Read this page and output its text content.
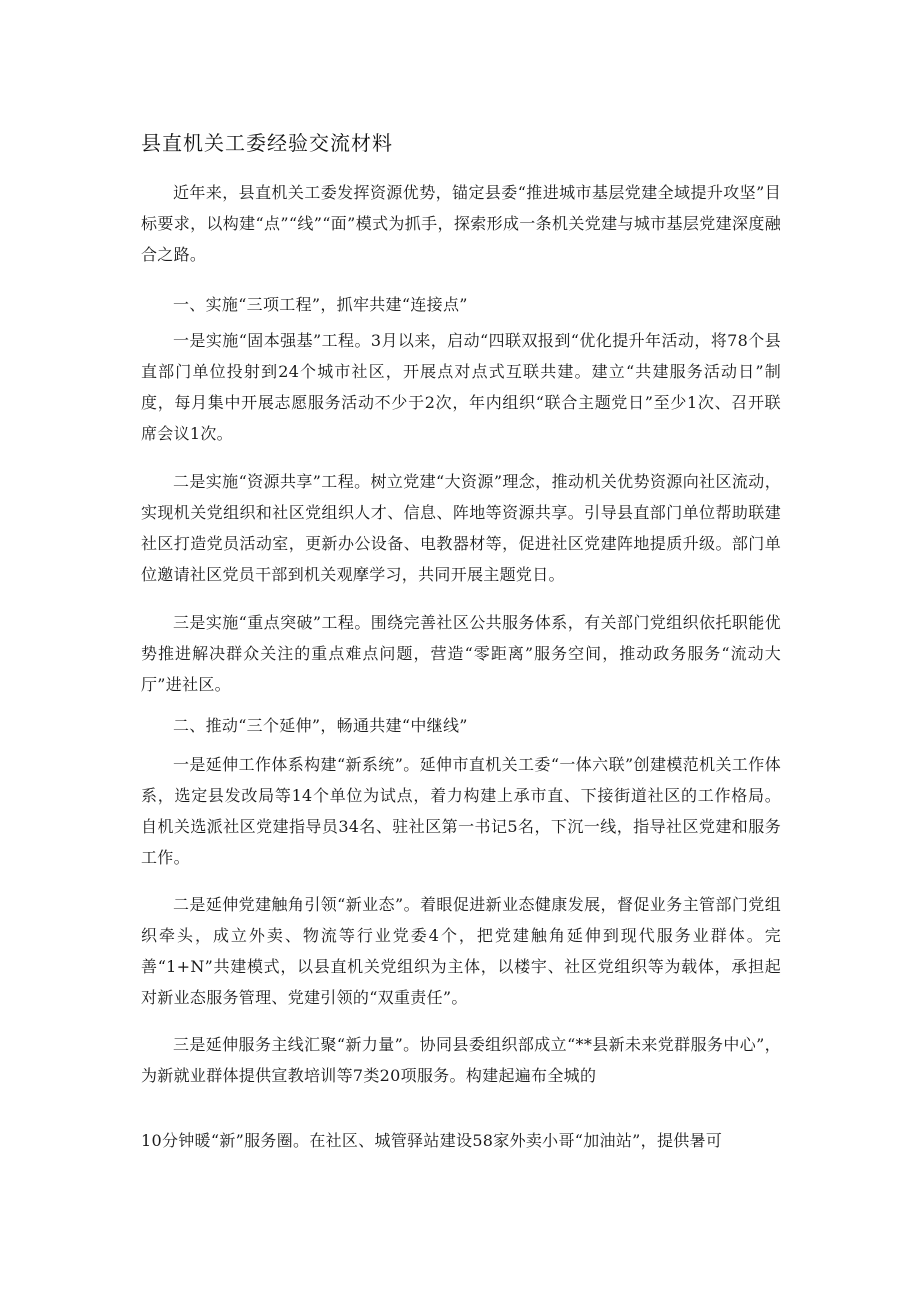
县直机关工委经验交流材料
近年来，县直机关工委发挥资源优势，锚定县委“推进城市基层党建全域提升攻坚”目标要求，以构建“点”“线”“面”模式为抓手，探索形成一条机关党建与城市基层党建深度融合之路。
一、实施“三项工程”，抓牢共建“连接点”
一是实施“固本强基”工程。3月以来，启动“四联双报到“优化提升年活动，将78个县直部门单位投射到24个城市社区，开展点对点式互联共建。建立“共建服务活动日”制度，每月集中开展志愿服务活动不少于2次，年内组织“联合主题党日”至少1次、召开联席会议1次。
二是实施“资源共享”工程。树立党建“大资源”理念，推动机关优势资源向社区流动，实现机关党组织和社区党组织人才、信息、阵地等资源共享。引导县直部门单位帮助联建社区打造党员活动室，更新办公设备、电教器材等，促进社区党建阵地提质升级。部门单位邀请社区党员干部到机关观摩学习，共同开展主题党日。
三是实施“重点突破”工程。围绕完善社区公共服务体系，有关部门党组织依托职能优势推进解决群众关注的重点难点问题，营造“零距离”服务空间，推动政务服务“流动大厅”进社区。
二、推动“三个延伸”，畅通共建“中继线”
一是延伸工作体系构建“新系统”。延伸市直机关工委“一体六联”创建模范机关工作体系，选定县发改局等14个单位为试点，着力构建上承市直、下接街道社区的工作格局。自机关选派社区党建指导员34名、驻社区第一书记5名，下沉一线，指导社区党建和服务工作。
二是延伸党建触角引领“新业态”。着眼促进新业态健康发展，督促业务主管部门党组织牵头，成立外卖、物流等行业党委4个，把党建触角延伸到现代服务业群体。完善“1+N”共建模式，以县直机关党组织为主体，以楼宇、社区党组织等为载体，承担起对新业态服务管理、党建引领的“双重责任”。
三是延伸服务主线汇聚“新力量”。协同县委组织部成立“**县新未来党群服务中心”，为新就业群体提供宣教培训等7类20项服务。构建起遍布全城的
10分钟暖“新”服务圈。在社区、城管驿站建设58家外卖小哥“加油站”，提供暑可
